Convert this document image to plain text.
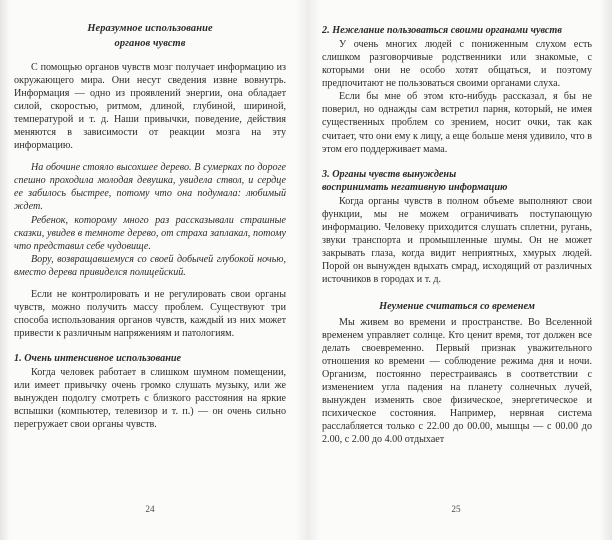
Неразумное использование
органов чувств

С помощью органов чувств мозг получает информацию из окружающего мира. Они несут сведения извне вовнутрь. Информация — одно из проявлений энергии, она обладает силой, скоростью, ритмом, длиной, глубиной, шириной, температурой и т. д. Наши привычки, поведение, действия меняются в зависимости от реакции мозга на эту информацию.

На обочине стояло высохшее дерево. В сумерках по дороге спешно проходила молодая девушка, увидела ствол, и сердце ее забилось быстрее, потому что она подумала: любимый ждет.

Ребенок, которому много раз рассказывали страшные сказки, увидев в темноте дерево, от страха заплакал, потому что представил себе чудовище.

Вору, возвращавшемуся со своей добычей глубокой ночью, вместо дерева привиделся полицейский.

Если не контролировать и не регулировать свои органы чувств, можно получить массу проблем. Существуют три способа использования органов чувств, каждый из них может привести к различным напряжениям и патологиям.

1. Очень интенсивное использование

Когда человек работает в слишком шумном помещении, или имеет привычку очень громко слушать музыку, или же вынужден подолгу смотреть с близкого расстояния на яркие вспышки (компьютер, телевизор и т. п.) — он очень сильно перегружает свои органы чувств.

24
2. Нежелание пользоваться своими органами чувств

У очень многих людей с пониженным слухом есть слишком разговорчивые родственники или знакомые, с которыми они не особо хотят общаться, и поэтому предпочитают не пользоваться своими органами слуха.

Если бы мне об этом кто-нибудь рассказал, я бы не поверил, но однажды сам встретил парня, который, не имея существенных проблем со зрением, носит очки, так как считает, что они ему к лицу, а еще больше меня удивило, что в этом его поддерживает мама.

3. Органы чувств вынуждены
воспринимать негативную информацию

Когда органы чувств в полном объеме выполняют свои функции, мы не можем ограничивать поступающую информацию. Человеку приходится слушать сплетни, ругань, звуки транспорта и промышленные шумы. Он не может закрывать глаза, когда видит неприятных, хмурых людей. Порой он вынужден вдыхать смрад, исходящий от различных источников в городах и т. д.

Неумение считаться со временем

Мы живем во времени и пространстве. Во Вселенной временем управляет солнце. Кто ценит время, тот должен все делать своевременно. Первый признак уважительного отношения ко времени — соблюдение режима дня и ночи. Организм, постоянно перестраиваясь в соответствии с изменением угла падения на планету солнечных лучей, вынужден изменять свое физическое, энергетическое и психическое состояния. Например, нервная система расслабляется только с 22.00 до 00.00, мышцы — с 00.00 до 2.00, с 2.00 до 4.00 отдыхает

25
